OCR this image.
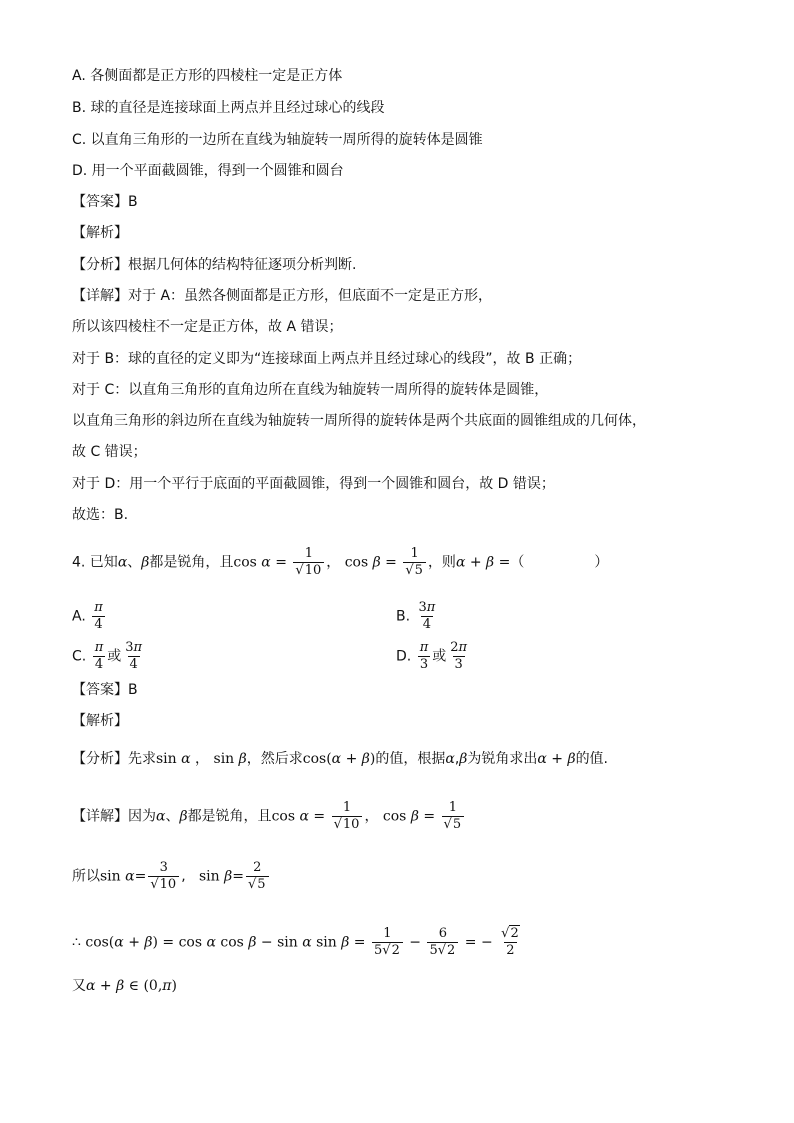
A. 各侧面都是正方形的四棱柱一定是正方体
B. 球的直径是连接球面上两点并且经过球心的线段
C. 以直角三角形的一边所在直线为轴旋转一周所得的旋转体是圆锥
D. 用一个平面截圆锥，得到一个圆锥和圆台
【答案】B
【解析】
【分析】根据几何体的结构特征逐项分析判断.
【详解】对于 A：虽然各侧面都是正方形，但底面不一定是正方形，
所以该四棱柱不一定是正方体，故 A 错误；
对于 B：球的直径的定义即为“连接球面上两点并且经过球心的线段”，故 B 正确；
对于 C：以直角三角形的直角边所在直线为轴旋转一周所得的旋转体是圆锥，
以直角三角形的斜边所在直线为轴旋转一周所得的旋转体是两个共底面的圆锥组成的几何体，
故 C 错误；
对于 D：用一个平行于底面的平面截圆锥，得到一个圆锥和圆台，故 D 错误；
故选：B.
4. 已知α、β都是锐角，且$\cos \alpha = \frac{1}{√10}$ ， $\cos \beta = \frac{1}{√5}$ ，则α + β =（　　　　　）
A. $\frac{\pi}{4}$	B. $\frac{3\pi}{4}$
C. $\frac{\pi}{4}$ 或 $\frac{3\pi}{4}$	D. $\frac{\pi}{3}$ 或 $\frac{2\pi}{3}$
【答案】B
【解析】
【分析】先求sin α ， sin β，然后求cos(α + β)的值，根据α,β为锐角求出α + β的值.
【详解】因为α、β都是锐角，且$\cos \alpha = \frac{1}{√10}$ ， $\cos \beta = \frac{1}{√5}$
所以$\sin \alpha= \frac{3}{√10}$ ,   $\sin \beta= \frac{2}{√5}$
∴ cos(α + β) = cos α cos β − sin α $\sin \beta = \frac{1}{5√2} - \frac{6}{5√2}$ = − $\frac{√2}{2}$
又α + β ∈ (0,π)
